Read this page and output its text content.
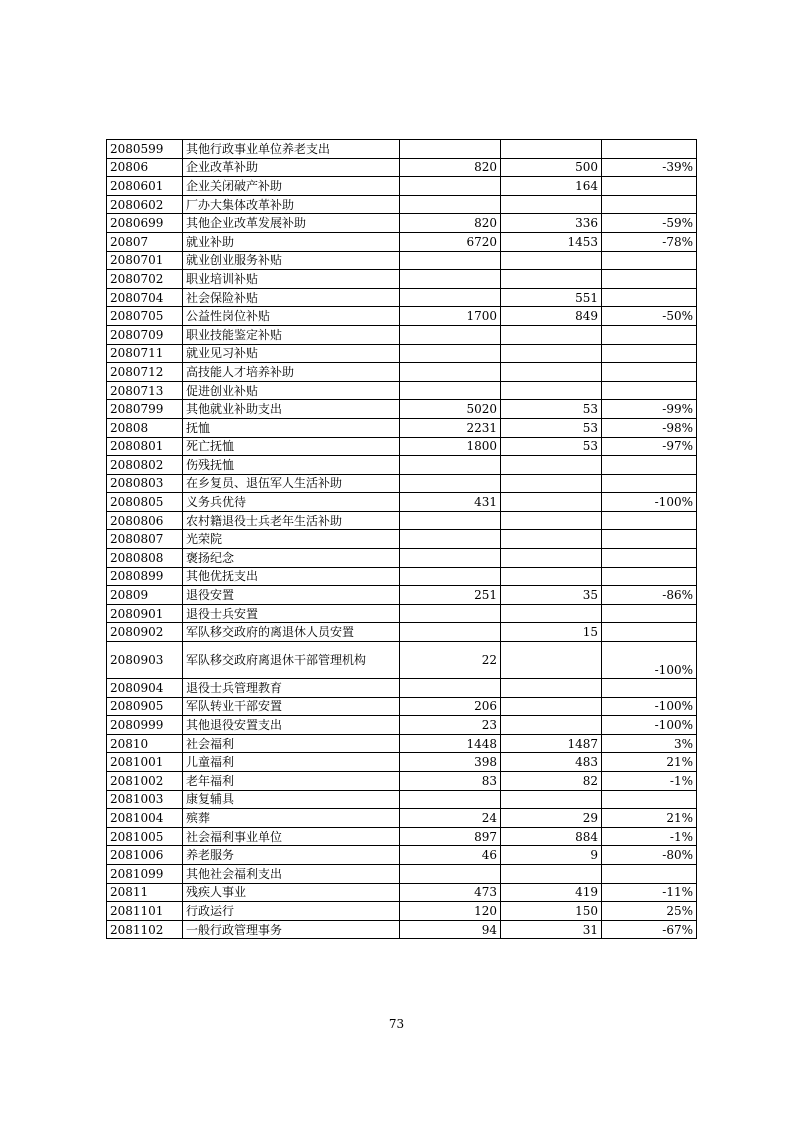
2080599	其他行政事业单位养老支出			
20806	企业改革补助	820	500	-39%
2080601	企业关闭破产补助		164	
2080602	厂办大集体改革补助			
2080699	其他企业改革发展补助	820	336	-59%
20807	就业补助	6720	1453	-78%
2080701	就业创业服务补贴			
2080702	职业培训补贴			
2080704	社会保险补贴		551	
2080705	公益性岗位补贴	1700	849	-50%
2080709	职业技能鉴定补贴			
2080711	就业见习补贴			
2080712	高技能人才培养补助			
2080713	促进创业补贴			
2080799	其他就业补助支出	5020	53	-99%
20808	抚恤	2231	53	-98%
2080801	死亡抚恤	1800	53	-97%
2080802	伤残抚恤			
2080803	在乡复员、退伍军人生活补助			
2080805	义务兵优待	431		-100%
2080806	农村籍退役士兵老年生活补助			
2080807	光荣院			
2080808	褒扬纪念			
2080899	其他优抚支出			
20809	退役安置	251	35	-86%
2080901	退役士兵安置			
2080902	军队移交政府的离退休人员安置		15	
2080903	军队移交政府离退休干部管理机构	22		-100%
2080904	退役士兵管理教育			
2080905	军队转业干部安置	206		-100%
2080999	其他退役安置支出	23		-100%
20810	社会福利	1448	1487	3%
2081001	儿童福利	398	483	21%
2081002	老年福利	83	82	-1%
2081003	康复辅具			
2081004	殡葬	24	29	21%
2081005	社会福利事业单位	897	884	-1%
2081006	养老服务	46	9	-80%
2081099	其他社会福利支出			
20811	残疾人事业	473	419	-11%
2081101	行政运行	120	150	25%
2081102	一般行政管理事务	94	31	-67%
73
